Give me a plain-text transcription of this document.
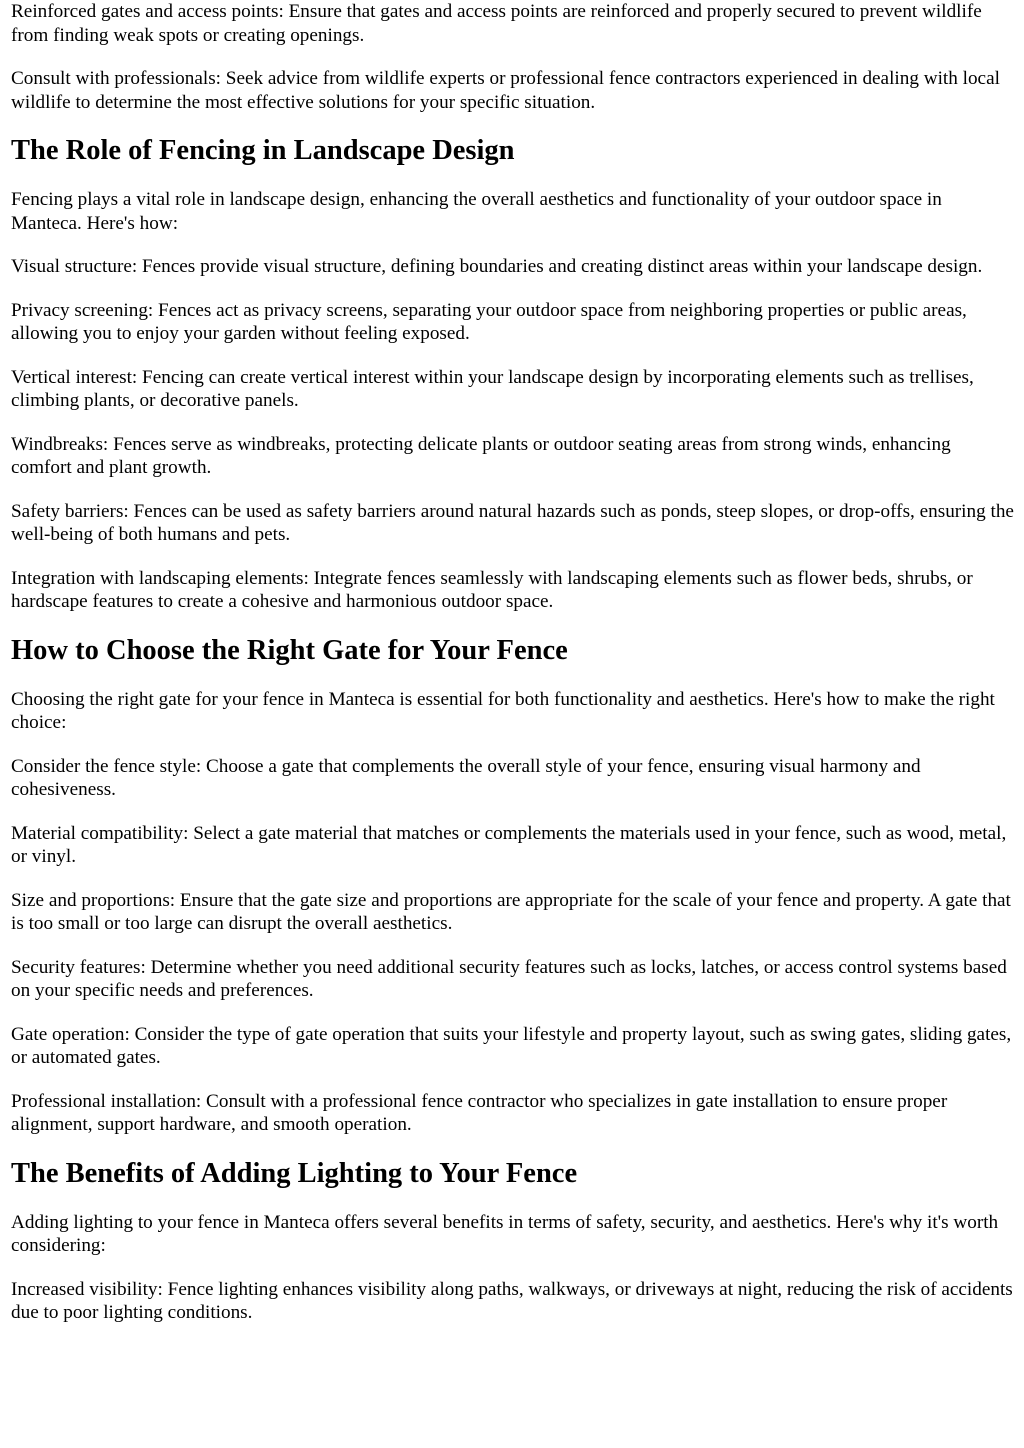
Reinforced gates and access points: Ensure that gates and access points are reinforced and properly secured to prevent wildlife from finding weak spots or creating openings.

Consult with professionals: Seek advice from wildlife experts or professional fence contractors experienced in dealing with local wildlife to determine the most effective solutions for your specific situation.

The Role of Fencing in Landscape Design

Fencing plays a vital role in landscape design, enhancing the overall aesthetics and functionality of your outdoor space in Manteca. Here's how:

Visual structure: Fences provide visual structure, defining boundaries and creating distinct areas within your landscape design.

Privacy screening: Fences act as privacy screens, separating your outdoor space from neighboring properties or public areas, allowing you to enjoy your garden without feeling exposed.

Vertical interest: Fencing can create vertical interest within your landscape design by incorporating elements such as trellises, climbing plants, or decorative panels.

Windbreaks: Fences serve as windbreaks, protecting delicate plants or outdoor seating areas from strong winds, enhancing comfort and plant growth.

Safety barriers: Fences can be used as safety barriers around natural hazards such as ponds, steep slopes, or drop-offs, ensuring the well-being of both humans and pets.

Integration with landscaping elements: Integrate fences seamlessly with landscaping elements such as flower beds, shrubs, or hardscape features to create a cohesive and harmonious outdoor space.

How to Choose the Right Gate for Your Fence

Choosing the right gate for your fence in Manteca is essential for both functionality and aesthetics. Here's how to make the right choice:

Consider the fence style: Choose a gate that complements the overall style of your fence, ensuring visual harmony and cohesiveness.

Material compatibility: Select a gate material that matches or complements the materials used in your fence, such as wood, metal, or vinyl.

Size and proportions: Ensure that the gate size and proportions are appropriate for the scale of your fence and property. A gate that is too small or too large can disrupt the overall aesthetics.

Security features: Determine whether you need additional security features such as locks, latches, or access control systems based on your specific needs and preferences.

Gate operation: Consider the type of gate operation that suits your lifestyle and property layout, such as swing gates, sliding gates, or automated gates.

Professional installation: Consult with a professional fence contractor who specializes in gate installation to ensure proper alignment, support hardware, and smooth operation.

The Benefits of Adding Lighting to Your Fence

Adding lighting to your fence in Manteca offers several benefits in terms of safety, security, and aesthetics. Here's why it's worth considering:

Increased visibility: Fence lighting enhances visibility along paths, walkways, or driveways at night, reducing the risk of accidents due to poor lighting conditions.
